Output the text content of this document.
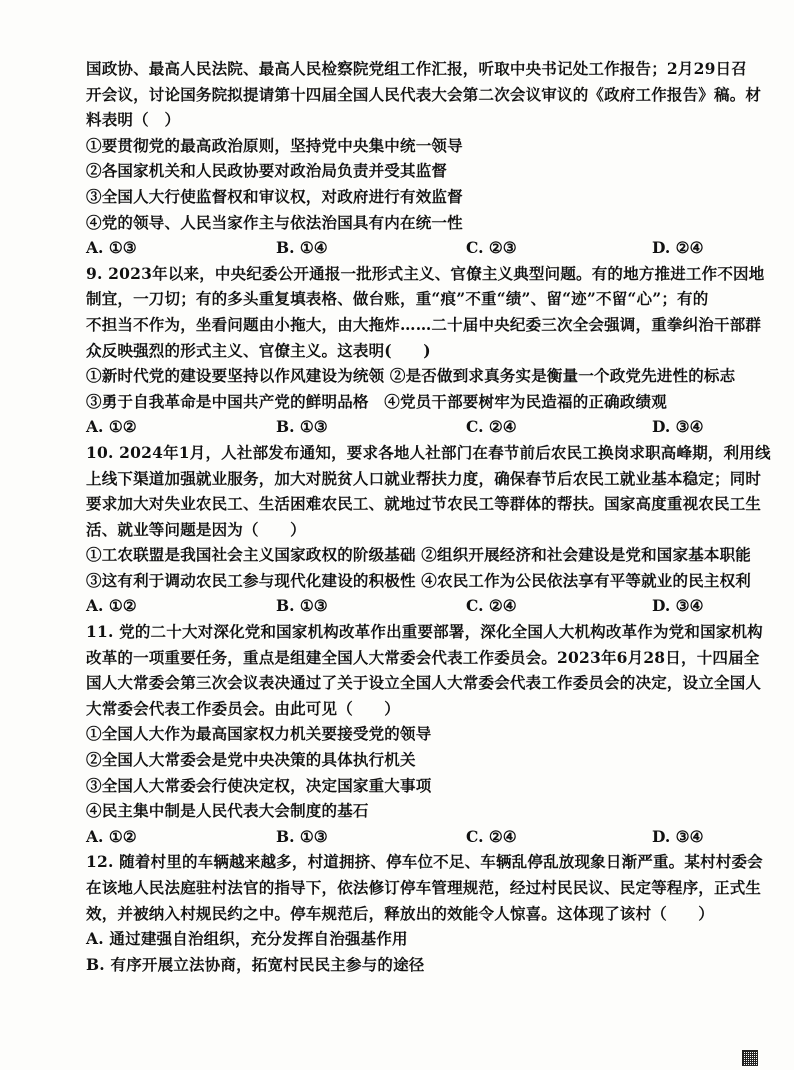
国政协、最高人民法院、最高人民检察院党组工作汇报，听取中央书记处工作报告；2月29日召
开会议，讨论国务院拟提请第十四届全国人民代表大会第二次会议审议的《政府工作报告》稿。材
料表明（　）
①要贯彻党的最高政治原则，坚持党中央集中统一领导
②各国家机关和人民政协要对政治局负责并受其监督
③全国人大行使监督权和审议权，对政府进行有效监督
④党的领导、人民当家作主与依法治国具有内在统一性
A. ①③	B. ①④	C. ②③	D. ②④
9. 2023年以来，中央纪委公开通报一批形式主义、官僚主义典型问题。有的地方推进工作不因地
制宜，一刀切；有的多头重复填表格、做台账，重“痕”不重“绩”、留“迹”不留“心”；有的
不担当不作为，坐看问题由小拖大，由大拖炸……二十届中央纪委三次全会强调，重拳纠治干部群
众反映强烈的形式主义、官僚主义。这表明(　　)
①新时代党的建设要坚持以作风建设为统领 ②是否做到求真务实是衡量一个政党先进性的标志
③勇于自我革命是中国共产党的鲜明品格　④党员干部要树牢为民造福的正确政绩观
A. ①②	B. ①③	C. ②④	D. ③④
10. 2024年1月，人社部发布通知，要求各地人社部门在春节前后农民工换岗求职高峰期，利用线
上线下渠道加强就业服务，加大对脱贫人口就业帮扶力度，确保春节后农民工就业基本稳定；同时
要求加大对失业农民工、生活困难农民工、就地过节农民工等群体的帮扶。国家高度重视农民工生
活、就业等问题是因为（　　）
①工农联盟是我国社会主义国家政权的阶级基础 ②组织开展经济和社会建设是党和国家基本职能
③这有利于调动农民工参与现代化建设的积极性 ④农民工作为公民依法享有平等就业的民主权利
A. ①②	B. ①③	C. ②④	D. ③④
11. 党的二十大对深化党和国家机构改革作出重要部署，深化全国人大机构改革作为党和国家机构
改革的一项重要任务，重点是组建全国人大常委会代表工作委员会。2023年6月28日，十四届全
国人大常委会第三次会议表决通过了关于设立全国人大常委会代表工作委员会的决定，设立全国人
大常委会代表工作委员会。由此可见（　　）
①全国人大作为最高国家权力机关要接受党的领导
②全国人大常委会是党中央决策的具体执行机关
③全国人大常委会行使决定权，决定国家重大事项
④民主集中制是人民代表大会制度的基石
A. ①②	B. ①③	C. ②④	D. ③④
12. 随着村里的车辆越来越多，村道拥挤、停车位不足、车辆乱停乱放现象日渐严重。某村村委会
在该地人民法庭驻村法官的指导下，依法修订停车管理规范，经过村民民议、民定等程序，正式生
效，并被纳入村规民约之中。停车规范后，释放出的效能令人惊喜。这体现了该村（　　）
A. 通过建强自治组织，充分发挥自治强基作用
B. 有序开展立法协商，拓宽村民民主参与的途径
